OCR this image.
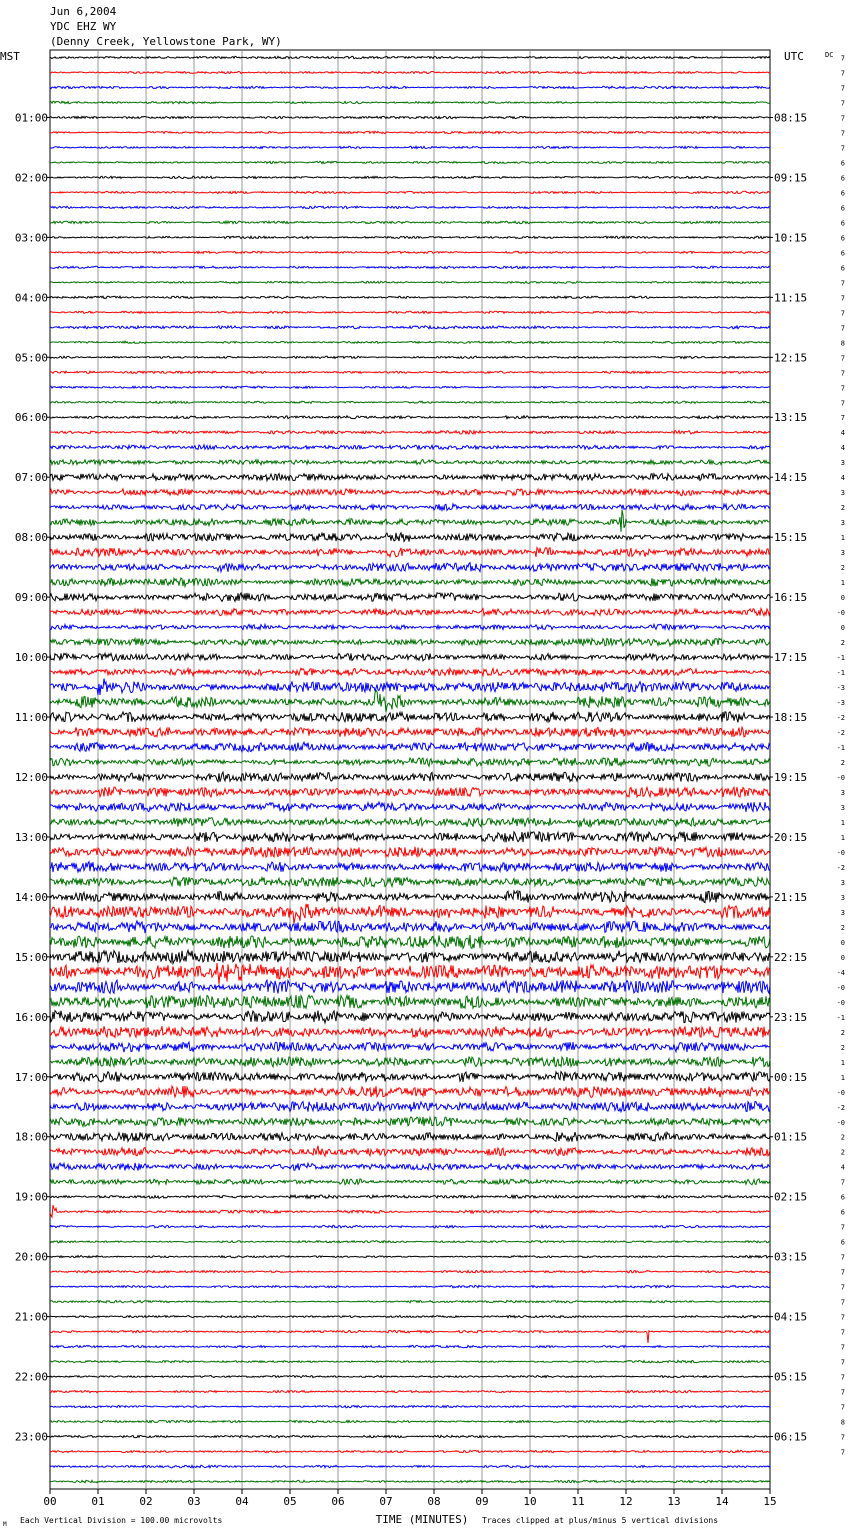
Jun 6,2004
YDC EHZ WY
(Denny Creek, Yellowstone Park, WY)
00	01	02	03	04	05	06	07	08	09	10	11	12	13	14	15
TIME (MINUTES)
Each Vertical Division = 100.00 microvolts	Traces clipped at plus/minus 5 vertical divisions
M
MST	UTC	DC
01:00
02:00
03:00
04:00
05:00
06:00
07:00
08:00
09:00
10:00
11:00
12:00
13:00
14:00
15:00
16:00
17:00
18:00
19:00
20:00
21:00
22:00
23:00
08:15
09:15
10:15
11:15
12:15
13:15
14:15
15:15
16:15
17:15
18:15
19:15
20:15
21:15
22:15
23:15
00:15
01:15
02:15
03:15
04:15
05:15
06:15
7
7
7
7
7
7
7
6
6
6
6
6
6
6
6
7
7
7
7
8
7
7
7
7
7
4
4
3
4
3
2
3
1
3
2
1
0
-0
0
2
-1
-1
-3
-3
-2
-2
-1
2
-0
3
3
1
1
-0
-2
3
3
3
2
0
0
-4
-0
-0
-1
2
2
1
1
-0
-2
-0
2
2
4
7
6
6
7
6
7
7
7
7
7
7
7
7
7
7
7
8
7
7
